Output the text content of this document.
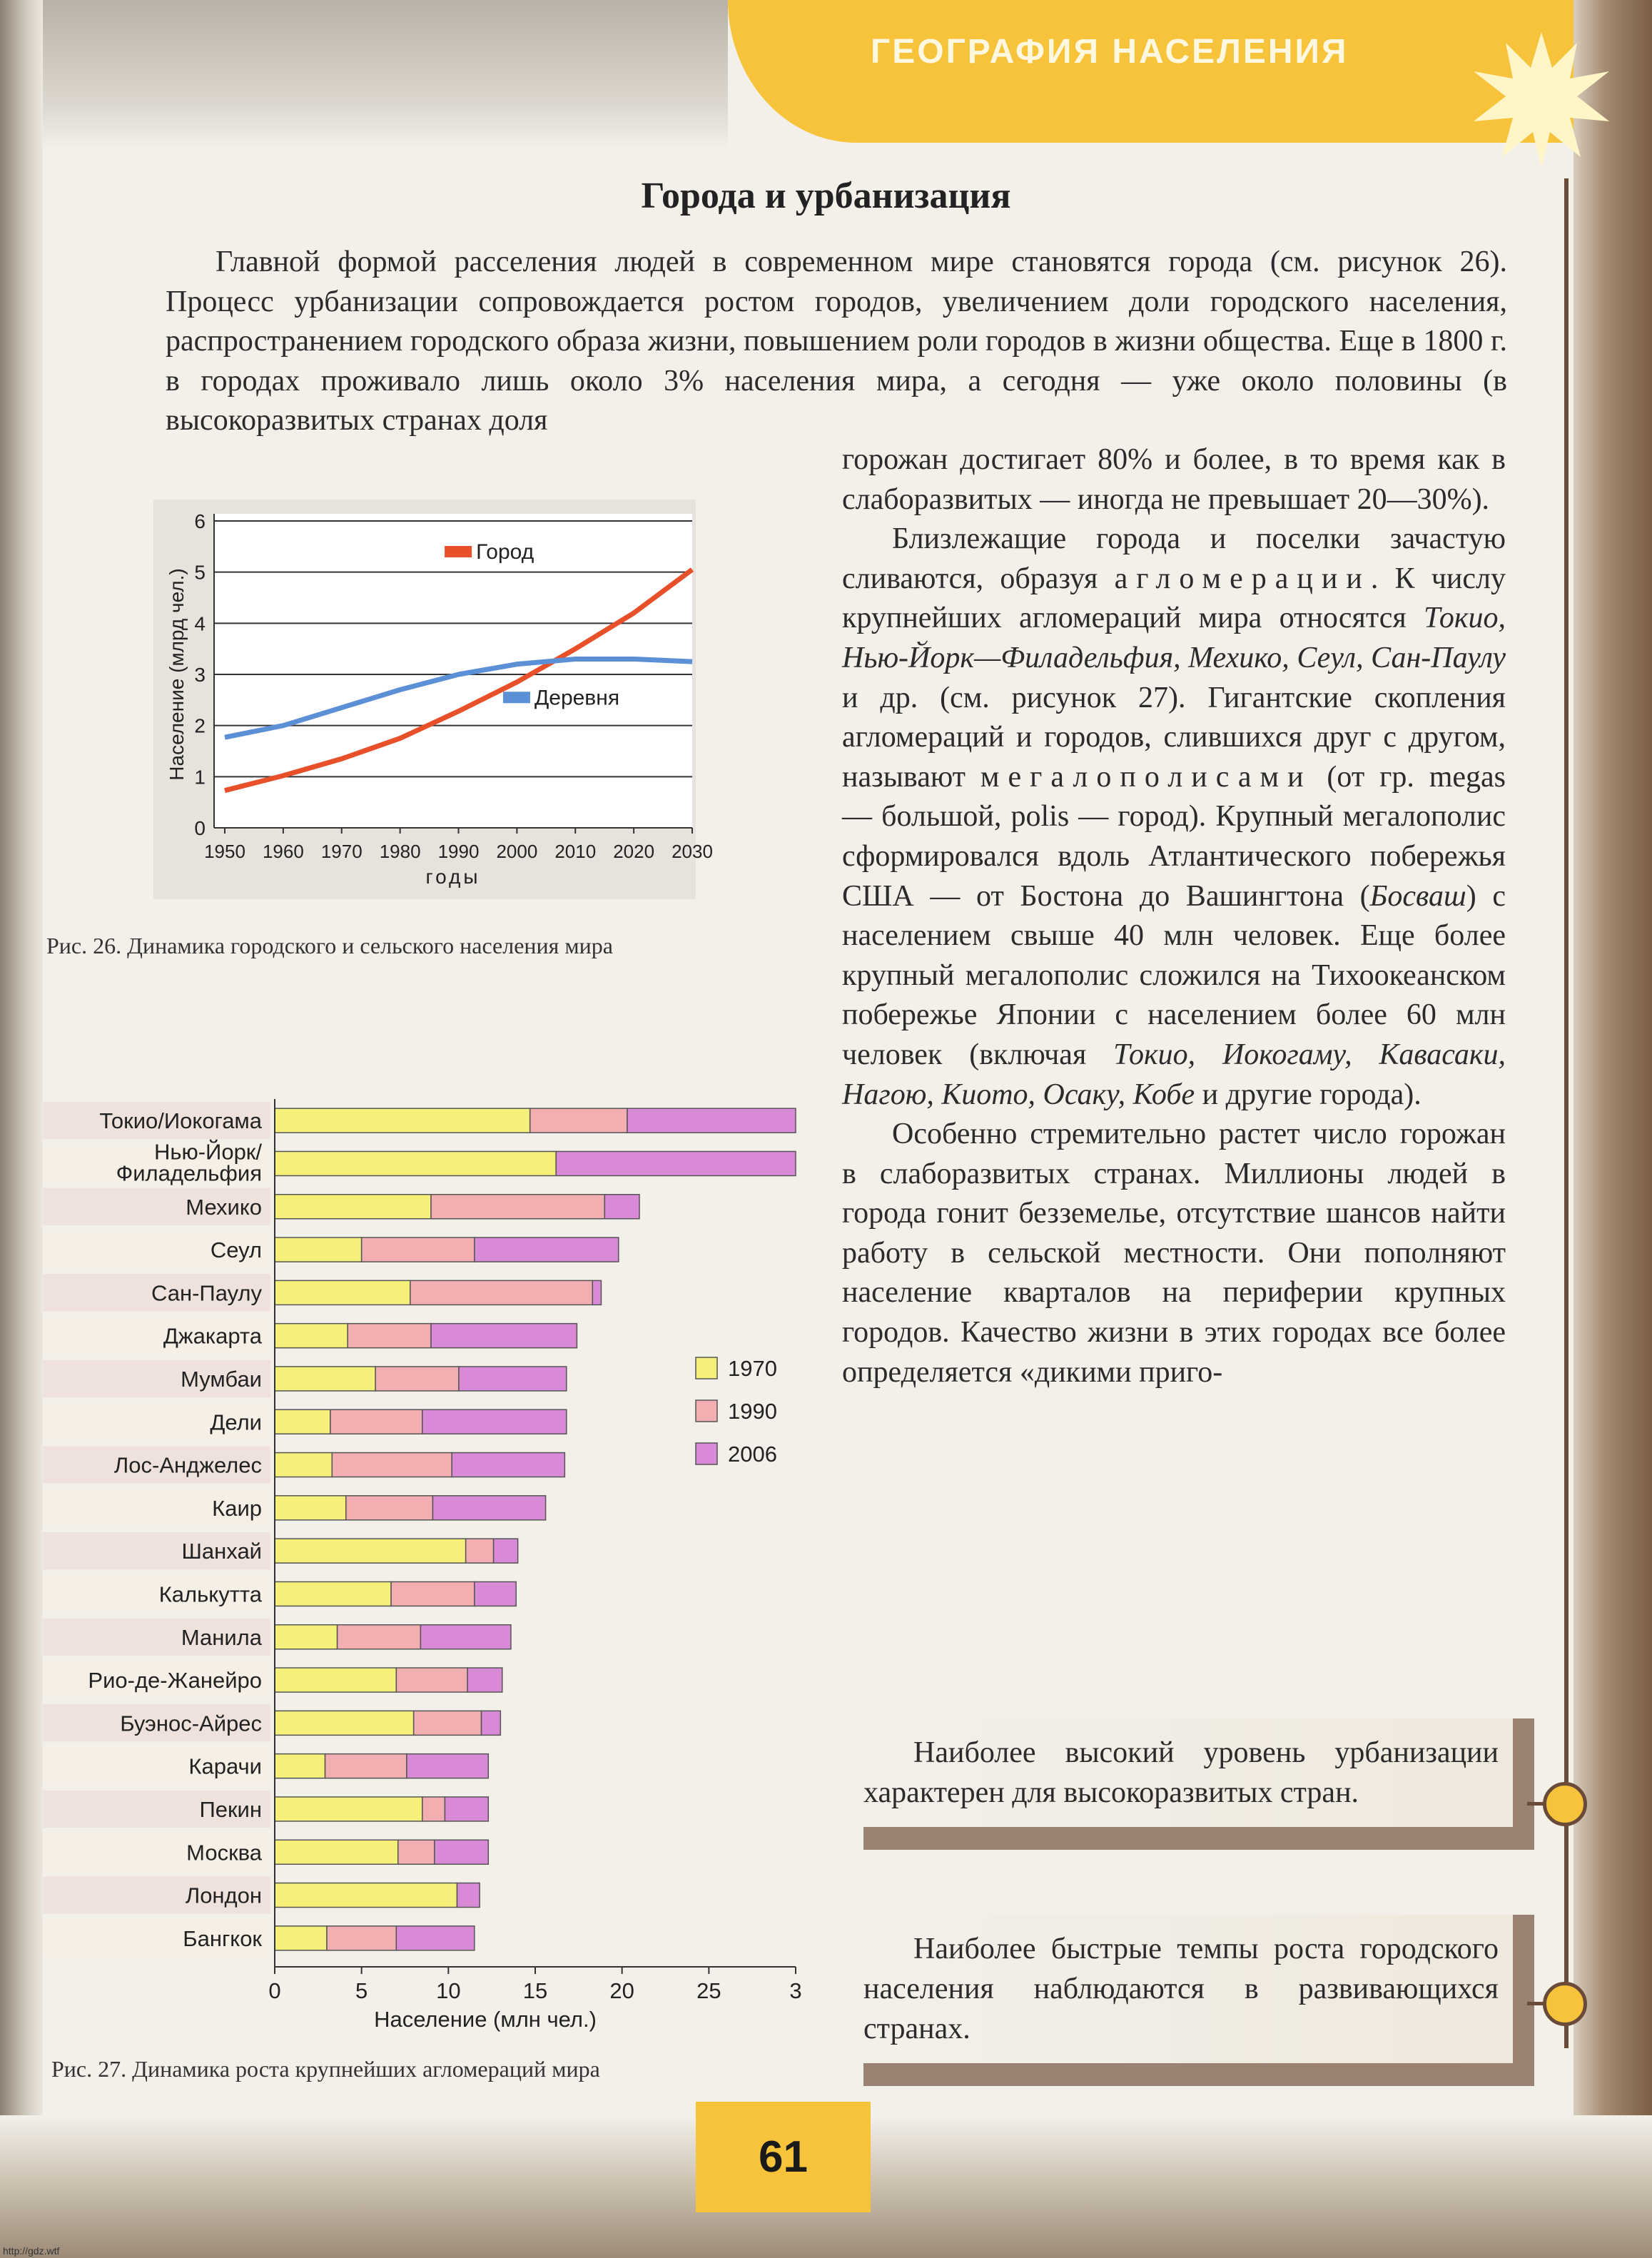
ГЕОГРАФИЯ НАСЕЛЕНИЯ
Города и урбанизация

Главной формой расселения людей в современном мире становятся города (см. рисунок 26). Процесс урбанизации сопровождается ростом городов, увеличением доли городского населения, распространением городского образа жизни, повышением роли городов в жизни общества. Еще в 1800 г. в городах проживало лишь около 3% населения мира, а сегодня — уже около половины (в высокоразвитых странах доля

горожан достигает 80% и более, в то время как в слаборазвитых — иногда не превышает 20—30%).

Близлежащие города и поселки зачастую сливаются, образуя агломерации. К числу крупнейших агломераций мира относятся Токио, Нью-Йорк—Филадельфия, Мехико, Сеул, Сан-Паулу и др. (см. рисунок 27). Гигантские скопления агломераций и городов, слившихся друг с другом, называют мегалополисами (от гр. megas — большой, polis — город). Крупный мегалополис сформировался вдоль Атлантического побережья США — от Бостона до Вашингтона (Босваш) с населением свыше 40 млн человек. Еще более крупный мегалополис сложился на Тихоокеанском побережье Японии с населением более 60 млн человек (включая Токио, Иокогаму, Кавасаки, Нагою, Киото, Осаку, Кобе и другие города).

Особенно стремительно растет число горожан в слаборазвитых странах. Миллионы людей в города гонит безземелье, отсутствие шансов найти работу в сельской местности. Они пополняют население кварталов на периферии крупных городов. Качество жизни в этих городах все более определяется «дикими приго-

0
1
2
3
4
5
6
1950 1960 1970 1980 1990 2000 2010 2020 2030
годы
Население (млрд чел.)
Город
Деревня
Рис. 26. Динамика городского и сельского населения мира
Токио/Иокогама
Нью-Йорк/
Филадельфия
Мехико
Сеул
Сан-Паулу
Джакарта
Мумбаи
Дели
Лос-Анджелес
Каир
Шанхай
Калькутта
Манила
Рио-де-Жанейро
Буэнос-Айрес
Карачи
Пекин
Москва
Лондон
Бангкок
0	5	10	15	20	25	3
Население (млн чел.)
1970
1990
2006
Рис. 27. Динамика роста крупнейших агломераций мира
Наиболее высокий уровень урбанизации характерен для высокоразвитых стран.
Наиболее быстрые темпы роста городского населения наблюдаются в развивающихся странах.
61
http://gdz.wtf
